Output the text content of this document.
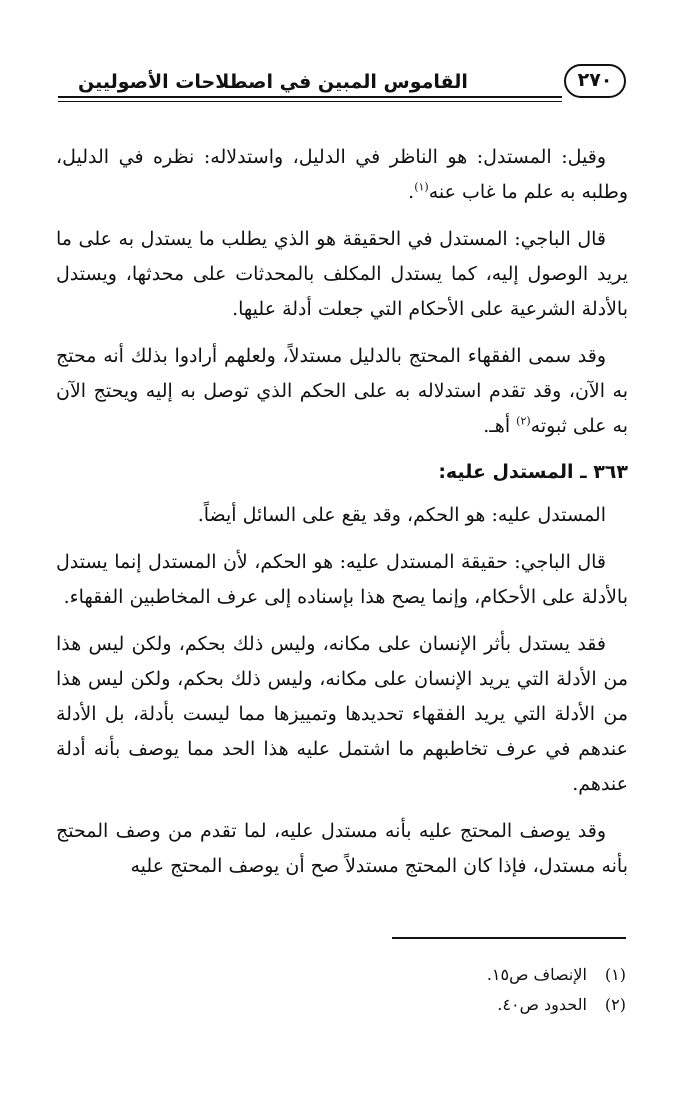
٢٧٠
القاموس المبين في اصطلاحات الأصوليين

وقيل: المستدل: هو الناظر في الدليل، واستدلاله: نظره في الدليل، وطلبه به علم ما غاب عنه$^{(١)}$.

قال الباجي: المستدل في الحقيقة هو الذي يطلب ما يستدل به على ما يريد الوصول إليه، كما يستدل المكلف بالمحدثات على محدثها، ويستدل بالأدلة الشرعية على الأحكام التي جعلت أدلة عليها.

وقد سمى الفقهاء المحتج بالدليل مستدلاً، ولعلهم أرادوا بذلك أنه محتج به الآن، وقد تقدم استدلاله به على الحكم الذي توصل به إليه ويحتج الآن به على ثبوته$^{(٢)}$ أهـ.

٣٦٣ ـ المستدل عليه:

المستدل عليه: هو الحكم، وقد يقع على السائل أيضاً.

قال الباجي: حقيقة المستدل عليه: هو الحكم، لأن المستدل إنما يستدل بالأدلة على الأحكام، وإنما يصح هذا بإسناده إلى عرف المخاطبين الفقهاء.

فقد يستدل بأثر الإنسان على مكانه، وليس ذلك بحكم، ولكن ليس هذا من الأدلة التي يريد الإنسان على مكانه، وليس ذلك بحكم، ولكن ليس هذا من الأدلة التي يريد الفقهاء تحديدها وتمييزها مما ليست بأدلة، بل الأدلة عندهم في عرف تخاطبهم ما اشتمل عليه هذا الحد مما يوصف بأنه أدلة عندهم.

وقد يوصف المحتج عليه بأنه مستدل عليه، لما تقدم من وصف المحتج بأنه مستدل، فإذا كان المحتج مستدلاً صح أن يوصف المحتج عليه

(١)
الإنصاف ص١٥.
(٢)
الحدود ص٤٠.
